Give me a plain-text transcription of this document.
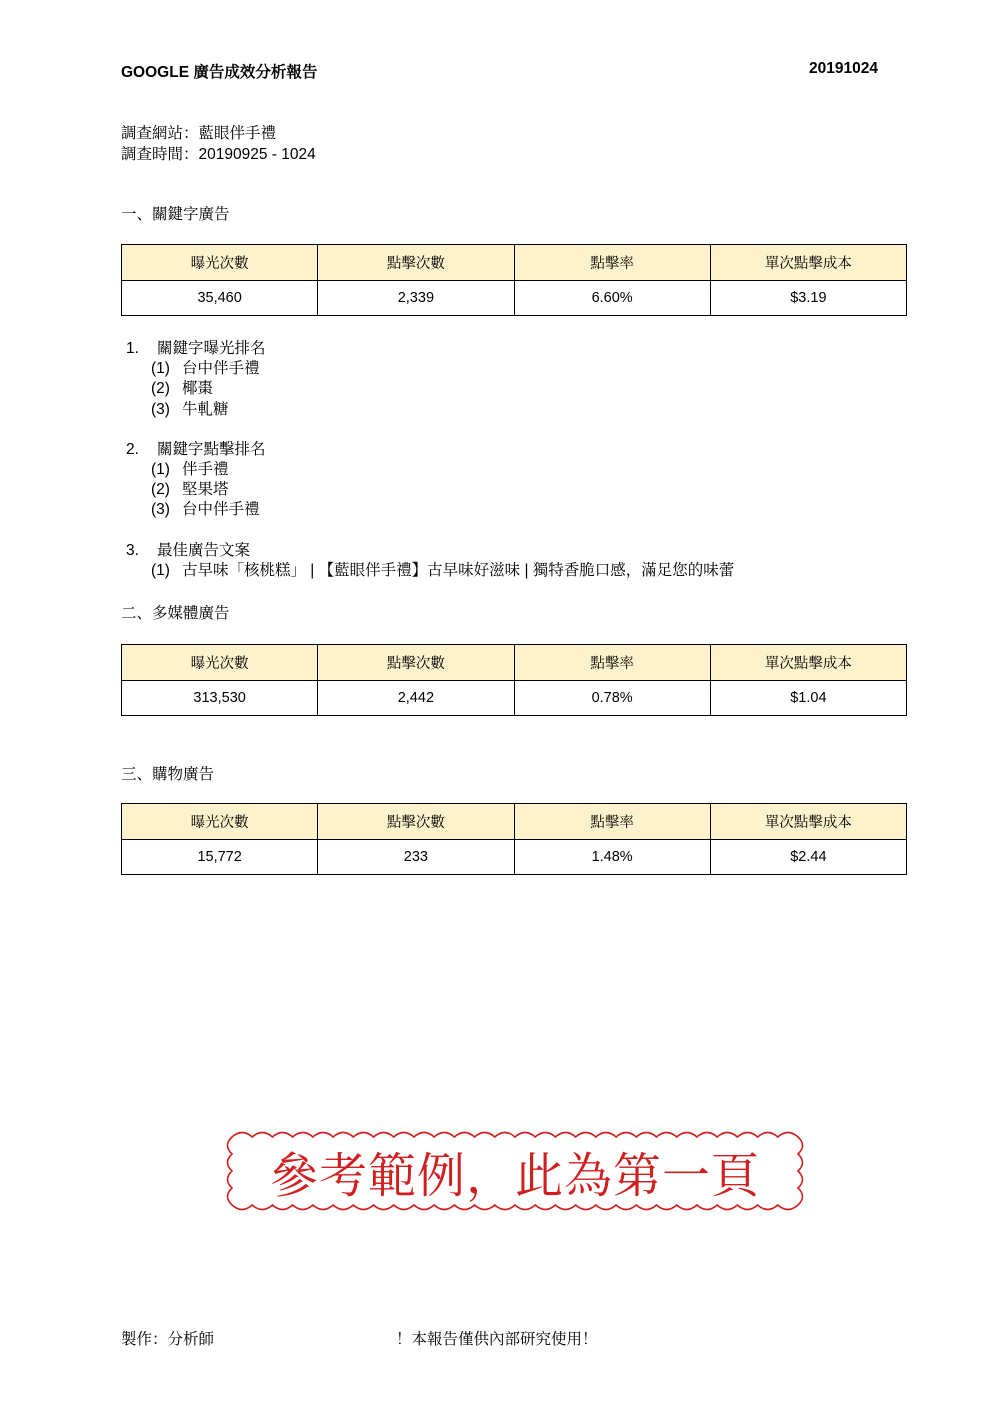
GOOGLE 廣告成效分析報告	20191024
調查網站：藍眼伴手禮
調查時間：20190925 - 1024
一、關鍵字廣告
曝光次數	點擊次數	點擊率	單次點擊成本
35,460	2,339	6.60%	$3.19
1. 關鍵字曝光排名
(1) 台中伴手禮
(2) 椰棗
(3) 牛軋糖
2. 關鍵字點擊排名
(1) 伴手禮
(2) 堅果塔
(3) 台中伴手禮
3. 最佳廣告文案
(1) 古早味「核桃糕」 | 【藍眼伴手禮】古早味好滋味 | 獨特香脆口感，滿足您的味蕾
二、多媒體廣告
曝光次數	點擊次數	點擊率	單次點擊成本
313,530	2,442	0.78%	$1.04
三、購物廣告
曝光次數	點擊次數	點擊率	單次點擊成本
15,772	233	1.48%	$2.44
參考範例，此為第一頁
製作：分析師	！本報告僅供內部研究使用！
